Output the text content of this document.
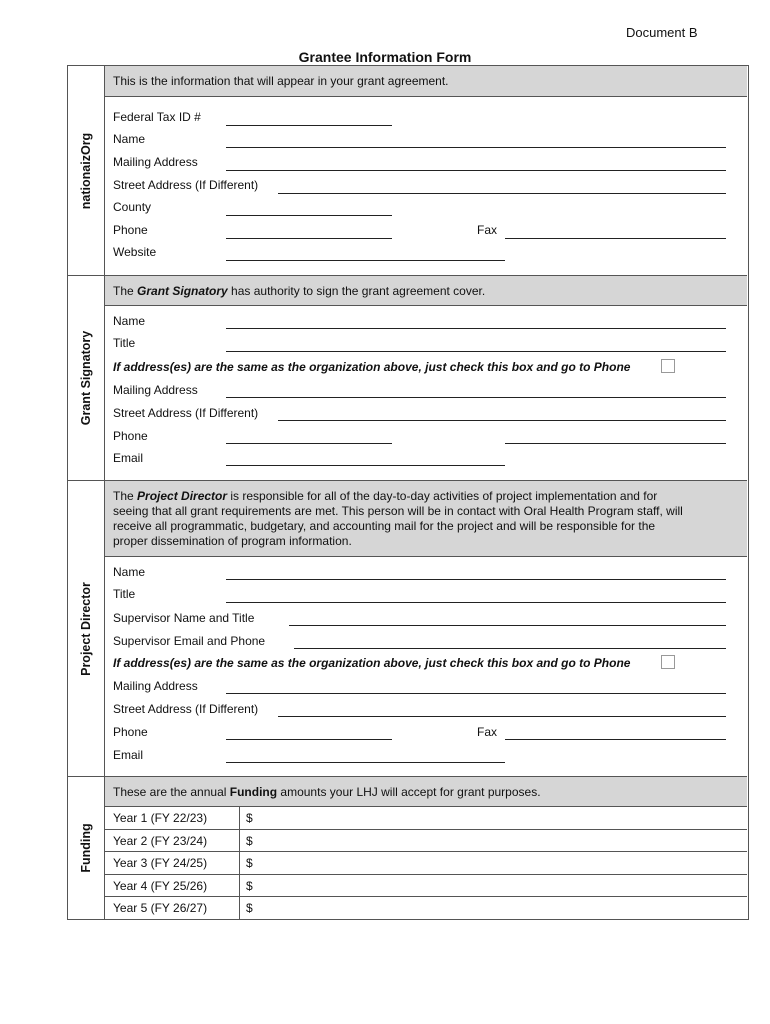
Document B
Grantee Information Form
nationaizOrg
This is the information that will appear in your grant agreement.
Federal Tax ID #
Name
Mailing Address
Street Address (If Different)
County
Phone	Fax
Website
Grant Signatory
The Grant Signatory has authority to sign the grant agreement cover.
Name
Title
If address(es) are the same as the organization above, just check this box and go to Phone
Mailing Address
Street Address (If Different)
Phone
Email
Project Director
The Project Director is responsible for all of the day-to-day activities of project implementation and for
seeing that all grant requirements are met. This person will be in contact with Oral Health Program staff, will
receive all programmatic, budgetary, and accounting mail for the project and will be responsible for the
proper dissemination of program information.
Name
Title
Supervisor Name and Title
Supervisor Email and Phone
If address(es) are the same as the organization above, just check this box and go to Phone
Mailing Address
Street Address (If Different)
Phone	Fax
Email
Funding
These are the annual Funding amounts your LHJ will accept for grant purposes.
Year 1 (FY 22/23)	$
Year 2 (FY 23/24)	$
Year 3 (FY 24/25)	$
Year 4 (FY 25/26)	$
Year 5 (FY 26/27)	$
